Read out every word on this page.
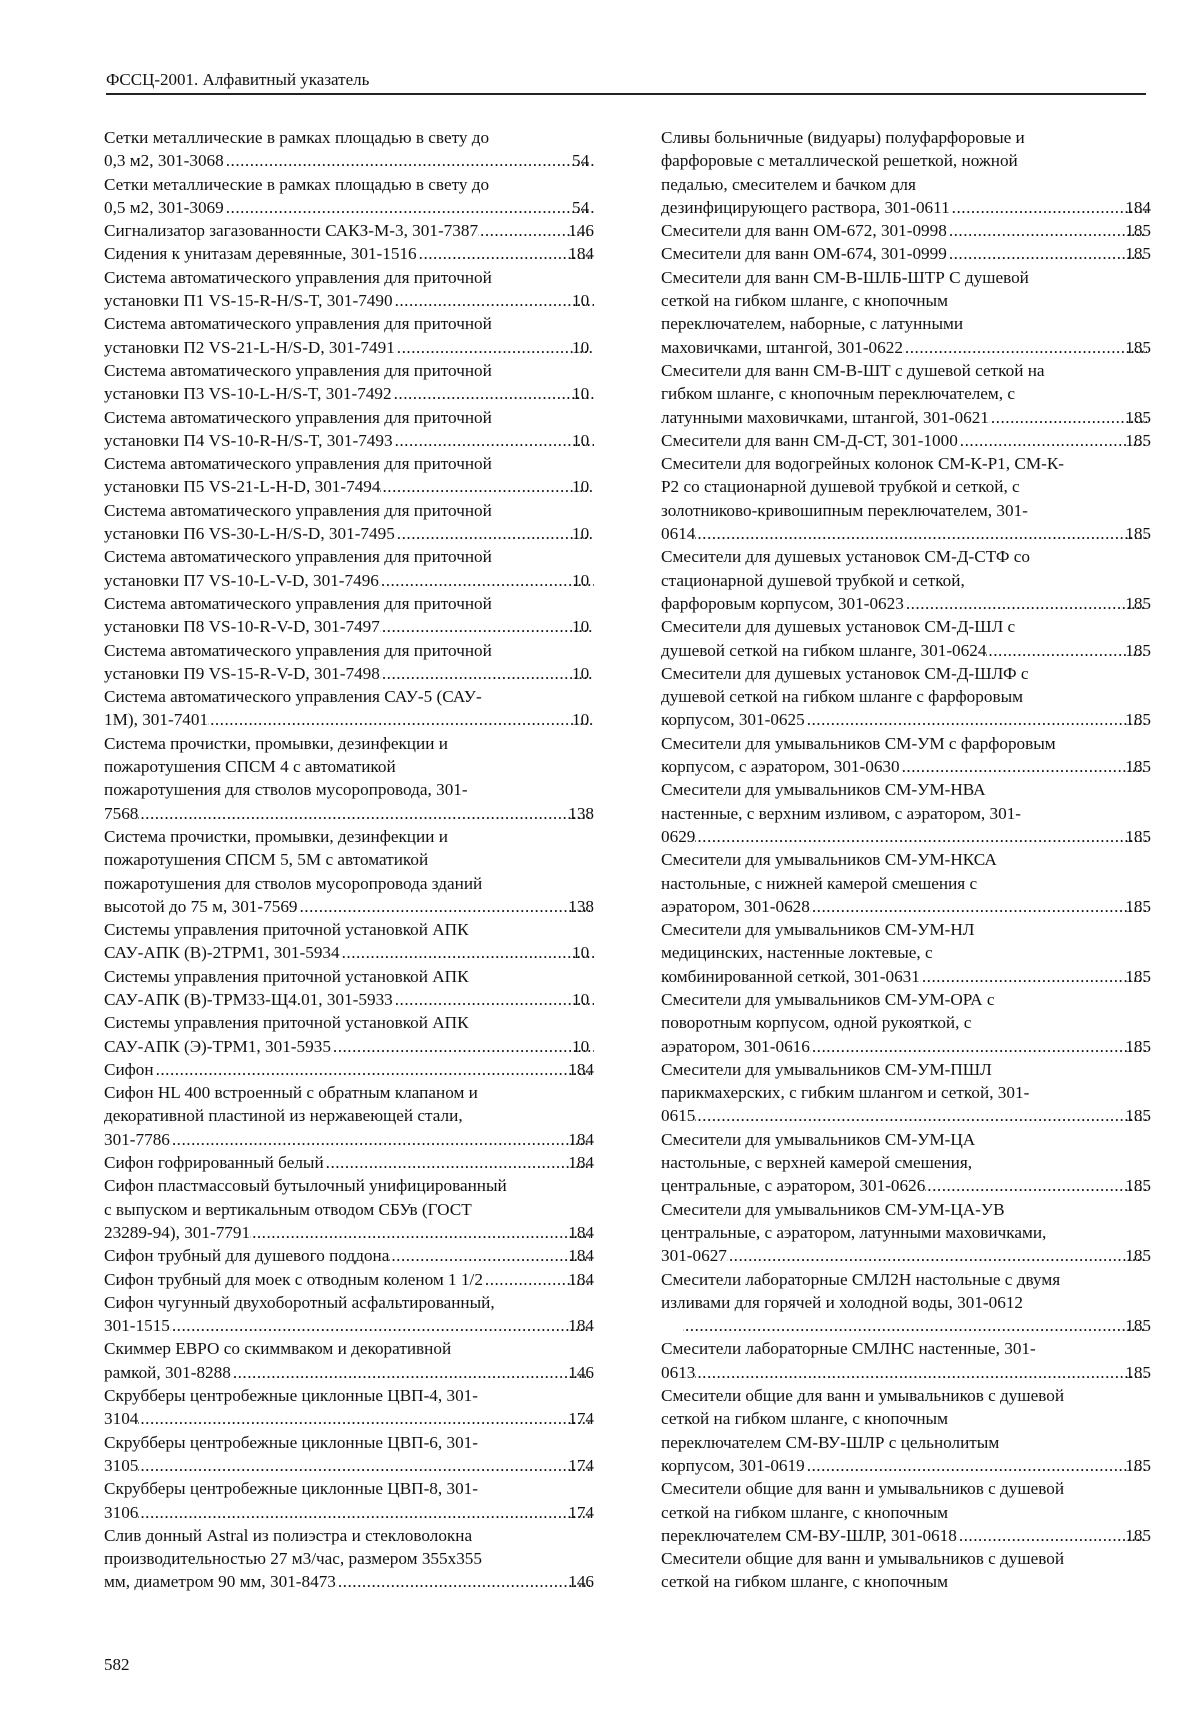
ФССЦ-2001. Алфавитный указатель
Сетки металлические в рамках площадью в свету до
0,3 м2, 301-3068 .....	54
Сетки металлические в рамках площадью в свету до
0,5 м2, 301-3069 .....	54
Сигнализатор загазованности САКЗ-М-3, 301-7387 .....	146
Сидения к унитазам деревянные, 301-1516 .....	184
Система автоматического управления для приточной
установки П1 VS-15-R-H/S-T, 301-7490 .....	10
Система автоматического управления для приточной
установки П2 VS-21-L-H/S-D, 301-7491 .....	10
Система автоматического управления для приточной
установки П3 VS-10-L-H/S-T, 301-7492 .....	10
Система автоматического управления для приточной
установки П4 VS-10-R-H/S-T, 301-7493 .....	10
Система автоматического управления для приточной
установки П5 VS-21-L-H-D, 301-7494 .....	10
Система автоматического управления для приточной
установки П6 VS-30-L-H/S-D, 301-7495 .....	10
Система автоматического управления для приточной
установки П7 VS-10-L-V-D, 301-7496 .....	10
Система автоматического управления для приточной
установки П8 VS-10-R-V-D, 301-7497 .....	10
Система автоматического управления для приточной
установки П9 VS-15-R-V-D, 301-7498 .....	10
Система автоматического управления САУ-5 (САУ-
1М), 301-7401 .....	10
Система прочистки, промывки, дезинфекции и
пожаротушения СПСМ 4 с автоматикой
пожаротушения для стволов мусоропровода, 301-
7568 .....	138
Система прочистки, промывки, дезинфекции и
пожаротушения СПСМ 5, 5М с автоматикой
пожаротушения для стволов мусоропровода зданий
высотой до 75 м, 301-7569 .....	138
Системы управления приточной установкой АПК
САУ-АПК (В)-2ТРМ1, 301-5934 .....	10
Системы управления приточной установкой АПК
САУ-АПК (В)-ТРМ33-Щ4.01, 301-5933 .....	10
Системы управления приточной установкой АПК
САУ-АПК (Э)-ТРМ1, 301-5935 .....	10
Сифон .....	184
Сифон HL 400 встроенный с обратным клапаном и
декоративной пластиной из нержавеющей стали,
301-7786 .....	184
Сифон гофрированный белый .....	184
Сифон пластмассовый бутылочный унифицированный
с выпуском и вертикальным отводом СБУв (ГОСТ
23289-94), 301-7791 .....	184
Сифон трубный для душевого поддона .....	184
Сифон трубный для моек с отводным коленом 1 1/2 .....	184
Сифон чугунный двухоборотный асфальтированный,
301-1515 .....	184
Скиммер ЕВРО со скиммваком и декоративной
рамкой, 301-8288 .....	146
Скрубберы центробежные циклонные ЦВП-4, 301-
3104 .....	174
Скрубберы центробежные циклонные ЦВП-6, 301-
3105 .....	174
Скрубберы центробежные циклонные ЦВП-8, 301-
3106 .....	174
Слив донный Astral из полиэстра и стекловолокна
производительностью 27 м3/час, размером 355х355
мм, диаметром 90 мм, 301-8473 .....	146
Сливы больничные (видуары) полуфарфоровые и
фарфоровые с металлической решеткой, ножной
педалью, смесителем и бачком для
дезинфицирующего раствора, 301-0611 .....	184
Смесители для ванн ОМ-672, 301-0998 .....	185
Смесители для ванн ОМ-674, 301-0999 .....	185
Смесители для ванн СМ-В-ШЛБ-ШТР С душевой
сеткой на гибком шланге, с кнопочным
переключателем, наборные, с латунными
маховичками, штангой, 301-0622 .....	185
Смесители для ванн СМ-В-ШТ с душевой сеткой на
гибком шланге, с кнопочным переключателем, с
латунными маховичками, штангой, 301-0621 .....	185
Смесители для ванн СМ-Д-СТ, 301-1000 .....	185
Смесители для водогрейных колонок СМ-К-Р1, СМ-К-
Р2 со стационарной душевой трубкой и сеткой, с
золотниково-кривошипным переключателем, 301-
0614 .....	185
Смесители для душевых установок СМ-Д-СТФ со
стационарной душевой трубкой и сеткой,
фарфоровым корпусом, 301-0623 .....	185
Смесители для душевых установок СМ-Д-ШЛ с
душевой сеткой на гибком шланге, 301-0624 .....	185
Смесители для душевых установок СМ-Д-ШЛФ с
душевой сеткой на гибком шланге с фарфоровым
корпусом, 301-0625 .....	185
Смесители для умывальников СМ-УМ с фарфоровым
корпусом, с аэратором, 301-0630 .....	185
Смесители для умывальников СМ-УМ-НВА
настенные, с верхним изливом, с аэратором, 301-
0629 .....	185
Смесители для умывальников СМ-УМ-НКСА
настольные, с нижней камерой смешения с
аэратором, 301-0628 .....	185
Смесители для умывальников СМ-УМ-НЛ
медицинских, настенные локтевые, с
комбинированной сеткой, 301-0631 .....	185
Смесители для умывальников СМ-УМ-ОРА с
поворотным корпусом, одной рукояткой, с
аэратором, 301-0616 .....	185
Смесители для умывальников СМ-УМ-ПШЛ
парикмахерских, с гибким шлангом и сеткой, 301-
0615 .....	185
Смесители для умывальников СМ-УМ-ЦА
настольные, с верхней камерой смешения,
центральные, с аэратором, 301-0626 .....	185
Смесители для умывальников СМ-УМ-ЦА-УВ
центральные, с аэратором, латунными маховичками,
301-0627 .....	185
Смесители лабораторные СМЛ2Н настольные с двумя
изливами для горячей и холодной воды, 301-0612
.....
185
Смесители лабораторные СМЛНС настенные, 301-
0613 .....	185
Смесители общие для ванн и умывальников с душевой
сеткой на гибком шланге, с кнопочным
переключателем СМ-ВУ-ШЛР с цельнолитым
корпусом, 301-0619 .....	185
Смесители общие для ванн и умывальников с душевой
сеткой на гибком шланге, с кнопочным
переключателем СМ-ВУ-ШЛР, 301-0618 .....	185
Смесители общие для ванн и умывальников с душевой
сеткой на гибком шланге, с кнопочным
582
